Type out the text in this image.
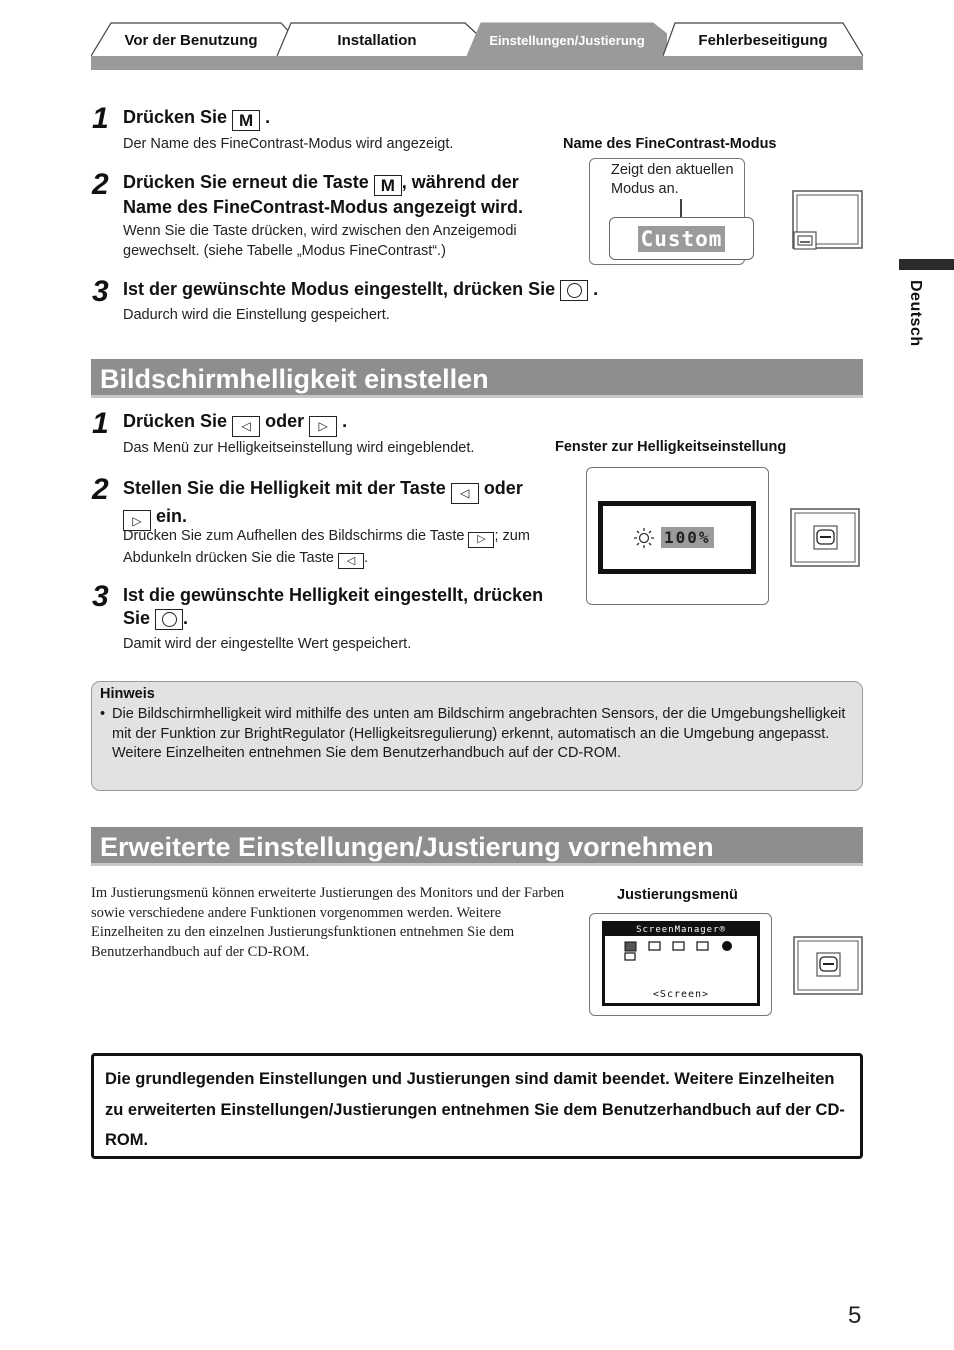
Vor der Benutzung	Installation	Einstellungen/Justierung	Fehlerbeseitigung
Deutsch
1 Drücken Sie M .
Der Name des FineContrast-Modus wird angezeigt.
2 Drücken Sie erneut die Taste M , während der
Name des FineContrast-Modus angezeigt wird.
Wenn Sie die Taste drücken, wird zwischen den Anzeigemodi gewechselt. (siehe Tabelle „Modus FineContrast“.)
3 Ist der gewünschte Modus eingestellt, drücken Sie .
Dadurch wird die Einstellung gespeichert.
Name des FineContrast-Modus
Zeigt den aktuellen Modus an.
Custom
Bildschirmhelligkeit einstellen
1 Drücken Sie ◁ oder ▷ .
Das Menü zur Helligkeitseinstellung wird eingeblendet.
2 Stellen Sie die Helligkeit mit der Taste ◁ oder
▷ ein.
Drücken Sie zum Aufhellen des Bildschirms die Taste ▷ ; zum
Abdunkeln drücken Sie die Taste ◁ .
3 Ist die gewünschte Helligkeit eingestellt, drücken
Sie .
Damit wird der eingestellte Wert gespeichert.
Fenster zur Helligkeitseinstellung
100%
Hinweis
• Die Bildschirmhelligkeit wird mithilfe des unten am Bildschirm angebrachten Sensors, der die Umgebungshelligkeit mit der Funktion zur BrightRegulator (Helligkeitsregulierung) erkennt, automatisch an die Umgebung angepasst.
Weitere Einzelheiten entnehmen Sie dem Benutzerhandbuch auf der CD-ROM.
Erweiterte Einstellungen/Justierung vornehmen
Im Justierungsmenü können erweiterte Justierungen des Monitors und der Farben sowie verschiedene andere Funktionen vorgenommen werden. Weitere Einzelheiten zu den einzelnen Justierungsfunktionen entnehmen Sie dem Benutzerhandbuch auf der CD-ROM.
Justierungsmenü
ScreenManager®
<Screen>
Die grundlegenden Einstellungen und Justierungen sind damit beendet. Weitere Einzelheiten zu erweiterten Einstellungen/Justierungen entnehmen Sie dem Benutzerhandbuch auf der CD-ROM.
5
